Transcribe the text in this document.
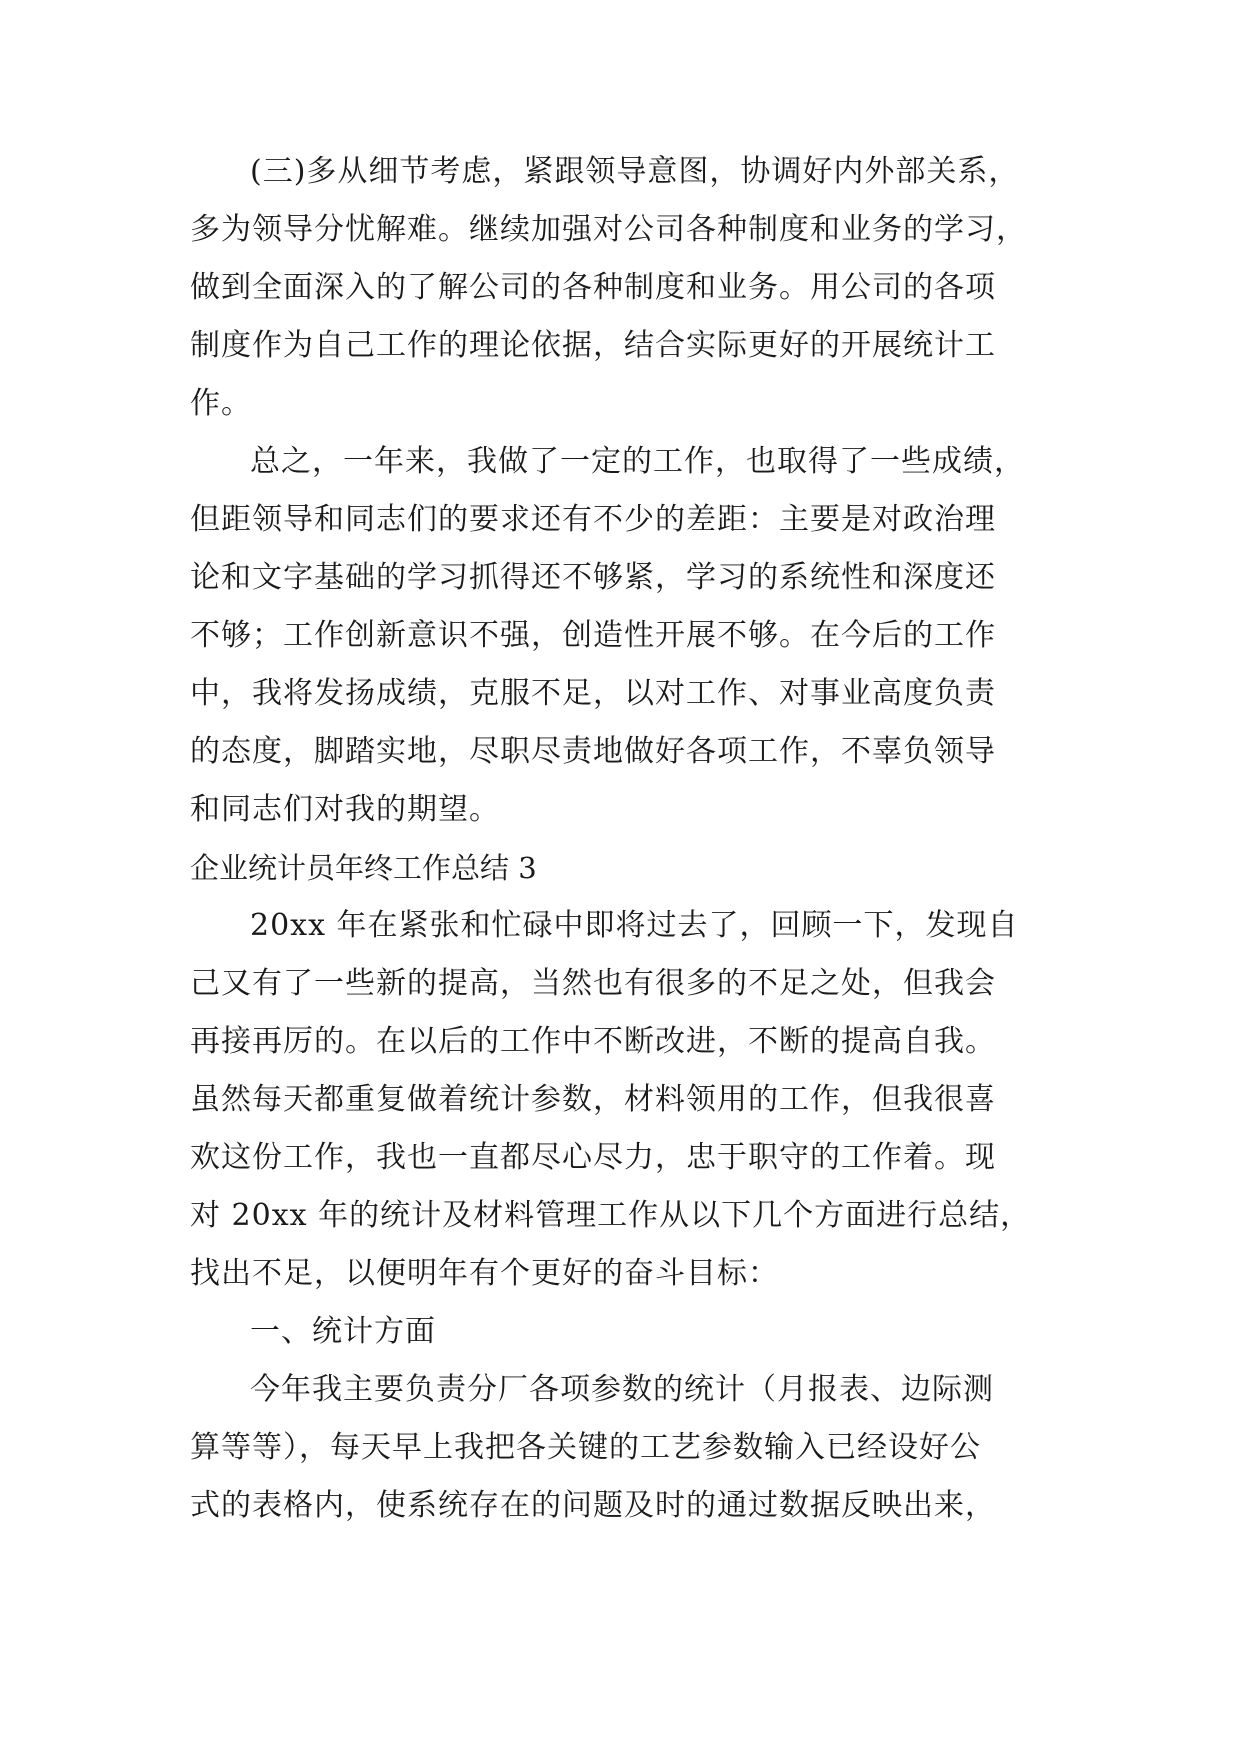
(三)多从细节考虑，紧跟领导意图，协调好内外部关系，
多为领导分忧解难。继续加强对公司各种制度和业务的学习，
做到全面深入的了解公司的各种制度和业务。用公司的各项
制度作为自己工作的理论依据，结合实际更好的开展统计工
作。
总之，一年来，我做了一定的工作，也取得了一些成绩，
但距领导和同志们的要求还有不少的差距：主要是对政治理
论和文字基础的学习抓得还不够紧，学习的系统性和深度还
不够；工作创新意识不强，创造性开展不够。在今后的工作
中，我将发扬成绩，克服不足，以对工作、对事业高度负责
的态度，脚踏实地，尽职尽责地做好各项工作，不辜负领导
和同志们对我的期望。
企业统计员年终工作总结 3
20xx 年在紧张和忙碌中即将过去了，回顾一下，发现自
己又有了一些新的提高，当然也有很多的不足之处，但我会
再接再厉的。在以后的工作中不断改进，不断的提高自我。
虽然每天都重复做着统计参数，材料领用的工作，但我很喜
欢这份工作，我也一直都尽心尽力，忠于职守的工作着。现
对 20xx 年的统计及材料管理工作从以下几个方面进行总结，
找出不足，以便明年有个更好的奋斗目标：
一、统计方面
今年我主要负责分厂各项参数的统计（月报表、边际测
算等等），每天早上我把各关键的工艺参数输入已经设好公
式的表格内，使系统存在的问题及时的通过数据反映出来，
